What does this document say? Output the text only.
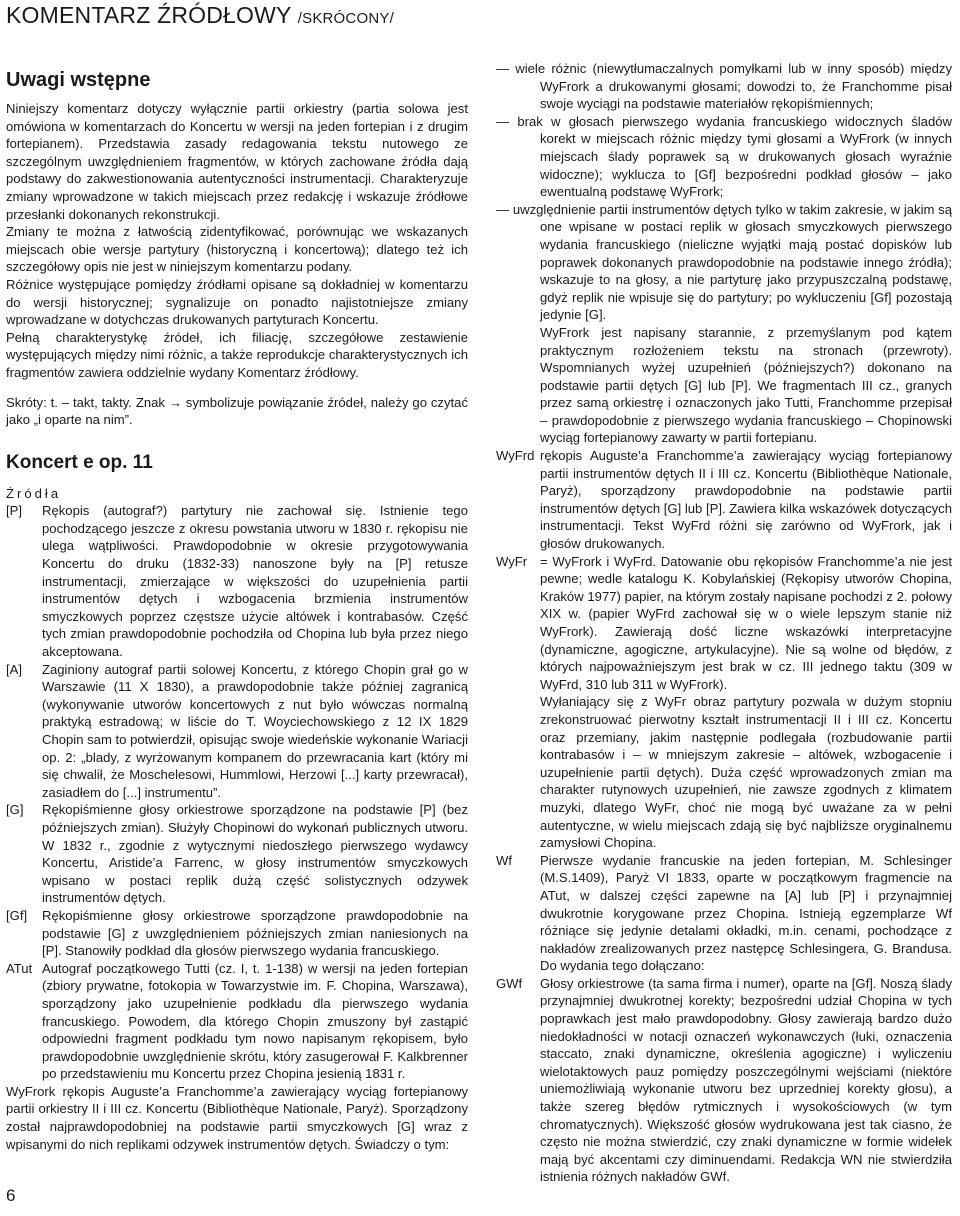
KOMENTARZ ŹRÓDŁOWY /SKRÓCONY/
Uwagi wstępne

Niniejszy komentarz dotyczy wyłącznie partii orkiestry (partia solowa jest omówiona w komentarzach do Koncertu w wersji na jeden fortepian i z drugim fortepianem). Przedstawia zasady redagowania tekstu nutowego ze szczególnym uwzględnieniem fragmentów, w których zachowane źródła dają podstawy do zakwestionowania autentyczności instrumentacji. Charakteryzuje zmiany wprowadzone w takich miejscach przez redakcję i wskazuje źródłowe przesłanki dokonanych rekonstrukcji.

Zmiany te można z łatwością zidentyfikować, porównując we wskazanych miejscach obie wersje partytury (historyczną i koncertową); dlatego też ich szczegółowy opis nie jest w niniejszym komentarzu podany.

Różnice występujące pomiędzy źródłami opisane są dokładniej w komentarzu do wersji historycznej; sygnalizuje on ponadto najistotniejsze zmiany wprowadzane w dotychczas drukowanych partyturach Koncertu.

Pełną charakterystykę źródeł, ich filiację, szczegółowe zestawienie występujących między nimi różnic, a także reprodukcje charakterystycznych ich fragmentów zawiera oddzielnie wydany Komentarz źródłowy.

Skróty: t. – takt, takty. Znak → symbolizuje powiązanie źródeł, należy go czytać jako „i oparte na nim”.

Koncert e op. 11
Źródła
[P]	Rękopis (autograf?) partytury nie zachował się. Istnienie tego pochodzącego jeszcze z okresu powstania utworu w 1830 r. rękopisu nie ulega wątpliwości. Prawdopodobnie w okresie przygotowywania Koncertu do druku (1832-33) nanoszone były na [P] retusze instrumentacji, zmierzające w większości do uzupełnienia partii instrumentów dętych i wzbogacenia brzmienia instrumentów smyczkowych poprzez częstsze użycie altówek i kontrabasów. Część tych zmian prawdopodobnie pochodziła od Chopina lub była przez niego akceptowana.
[A]	Zaginiony autograf partii solowej Koncertu, z którego Chopin grał go w Warszawie (11 X 1830), a prawdopodobnie także później zagranicą (wykonywanie utworów koncertowych z nut było wówczas normalną praktyką estradową; w liście do T. Woyciechowskiego z 12 IX 1829 Chopin sam to potwierdził, opisując swoje wiedeńskie wykonanie Wariacji op. 2: „blady, z wyrżowanym kompanem do przewracania kart (który mi się chwalił, że Moschelesowi, Hummlowi, Herzowi [...] karty przewracał), zasiadłem do [...] instrumentu”.
[G]	Rękopiśmienne głosy orkiestrowe sporządzone na podstawie [P] (bez późniejszych zmian). Służyły Chopinowi do wykonań publicznych utworu. W 1832 r., zgodnie z wytycznymi niedoszłego pierwszego wydawcy Koncertu, Aristide’a Farrenc, w głosy instrumentów smyczkowych wpisano w postaci replik dużą część solistycznych odzywek instrumentów dętych.
[Gf]	Rękopiśmienne głosy orkiestrowe sporządzone prawdopodobnie na podstawie [G] z uwzględnieniem późniejszych zmian naniesionych na [P]. Stanowiły podkład dla głosów pierwszego wydania francuskiego.
ATut Autograf początkowego Tutti (cz. I, t. 1-138) w wersji na jeden fortepian (zbiory prywatne, fotokopia w Towarzystwie im. F. Chopina, Warszawa), sporządzony jako uzupełnienie podkładu dla pierwszego wydania francuskiego. Powodem, dla którego Chopin zmuszony był zastąpić odpowiedni fragment podkładu tym nowo napisanym rękopisem, było prawdopodobnie uwzględnienie skrótu, który zasugerował F. Kalkbrenner po przedstawieniu mu Koncertu przez Chopina jesienią 1831 r.

WyFrork rękopis Auguste’a Franchomme’a zawierający wyciąg fortepianowy partii orkiestry II i III cz. Koncertu (Bibliothèque Nationale, Paryż). Sporządzony został najprawdopodobniej na podstawie partii smyczkowych [G] wraz z wpisanymi do nich replikami odzywek instrumentów dętych. Świadczy o tym:

— wiele różnic (niewytłumaczalnych pomyłkami lub w inny sposób) między WyFrork a drukowanymi głosami; dowodzi to, że Franchomme pisał swoje wyciągi na podstawie materiałów rękopiśmiennych;

— brak w głosach pierwszego wydania francuskiego widocznych śladów korekt w miejscach różnic między tymi głosami a WyFrork (w innych miejscach ślady poprawek są w drukowanych głosach wyraźnie widoczne); wyklucza to [Gf] bezpośredni podkład głosów – jako ewentualną podstawę WyFrork;

— uwzględnienie partii instrumentów dętych tylko w takim zakresie, w jakim są one wpisane w postaci replik w głosach smyczkowych pierwszego wydania francuskiego (nieliczne wyjątki mają postać dopisków lub poprawek dokonanych prawdopodobnie na podstawie innego źródła); wskazuje to na głosy, a nie partyturę jako przypuszczalną podstawę, gdyż replik nie wpisuje się do partytury; po wykluczeniu [Gf] pozostają jedynie [G].

WyFrork jest napisany starannie, z przemyślanym pod kątem praktycznym rozłożeniem tekstu na stronach (przewroty). Wspomnianych wyżej uzupełnień (późniejszych?) dokonano na podstawie partii dętych [G] lub [P]. We fragmentach III cz., granych przez samą orkiestrę i oznaczonych jako Tutti, Franchomme przepisał – prawdopodobnie z pierwszego wydania francuskiego – Chopinowski wyciąg fortepianowy zawarty w partii fortepianu.

WyFrd rękopis Auguste’a Franchomme’a zawierający wyciąg fortepianowy partii instrumentów dętych II i III cz. Koncertu (Bibliothèque Nationale, Paryż), sporządzony prawdopodobnie na podstawie partii instrumentów dętych [G] lub [P]. Zawiera kilka wskazówek dotyczących instrumentacji. Tekst WyFrd różni się zarówno od WyFrork, jak i głosów drukowanych.
WyFr = WyFrork i WyFrd. Datowanie obu rękopisów Franchomme’a nie jest pewne; wedle katalogu K. Kobylańskiej (Rękopisy utworów Chopina, Kraków 1977) papier, na którym zostały napisane pochodzi z 2. połowy XIX w. (papier WyFrd zachował się w o wiele lepszym stanie niż WyFrork). Zawierają dość liczne wskazówki interpretacyjne (dynamiczne, agogiczne, artykulacyjne). Nie są wolne od błędów, z których najpoważniejszym jest brak w cz. III jednego taktu (309 w WyFrd, 310 lub 311 w WyFrork).
Wyłaniający się z WyFr obraz partytury pozwala w dużym stopniu zrekonstruować pierwotny kształt instrumentacji II i III cz. Koncertu oraz przemiany, jakim następnie podlegała (rozbudowanie partii kontrabasów i – w mniejszym zakresie – altówek, wzbogacenie i uzupełnienie partii dętych). Duża część wprowadzonych zmian ma charakter rutynowych uzupełnień, nie zawsze zgodnych z klimatem muzyki, dlatego WyFr, choć nie mogą być uważane za w pełni autentyczne, w wielu miejscach zdają się być najbliższe oryginalnemu zamysłowi Chopina.
Wf	Pierwsze wydanie francuskie na jeden fortepian, M. Schlesinger (M.S.1409), Paryż VI 1833, oparte w początkowym fragmencie na ATut, w dalszej części zapewne na [A] lub [P] i przynajmniej dwukrotnie korygowane przez Chopina. Istnieją egzemplarze Wf różniące się jedynie detalami okładki, m.in. cenami, pochodzące z nakładów zrealizowanych przez następcę Schlesingera, G. Brandusa. Do wydania tego dołączano:
GWf	Głosy orkiestrowe (ta sama firma i numer), oparte na [Gf]. Noszą ślady przynajmniej dwukrotnej korekty; bezpośredni udział Chopina w tych poprawkach jest mało prawdopodobny. Głosy zawierają bardzo dużo niedokładności w notacji oznaczeń wykonawczych (łuki, oznaczenia staccato, znaki dynamiczne, określenia agogiczne) i wyliczeniu wielotaktowych pauz pomiędzy poszczególnymi wejściami (niektóre uniemożliwiają wykonanie utworu bez uprzedniej korekty głosu), a także szereg błędów rytmicznych i wysokościowych (w tym chromatycznych). Większość głosów wydrukowana jest tak ciasno, że często nie można stwierdzić, czy znaki dynamiczne w formie widełek mają być akcentami czy diminuendami. Redakcja WN nie stwierdziła istnienia różnych nakładów GWf.
6
